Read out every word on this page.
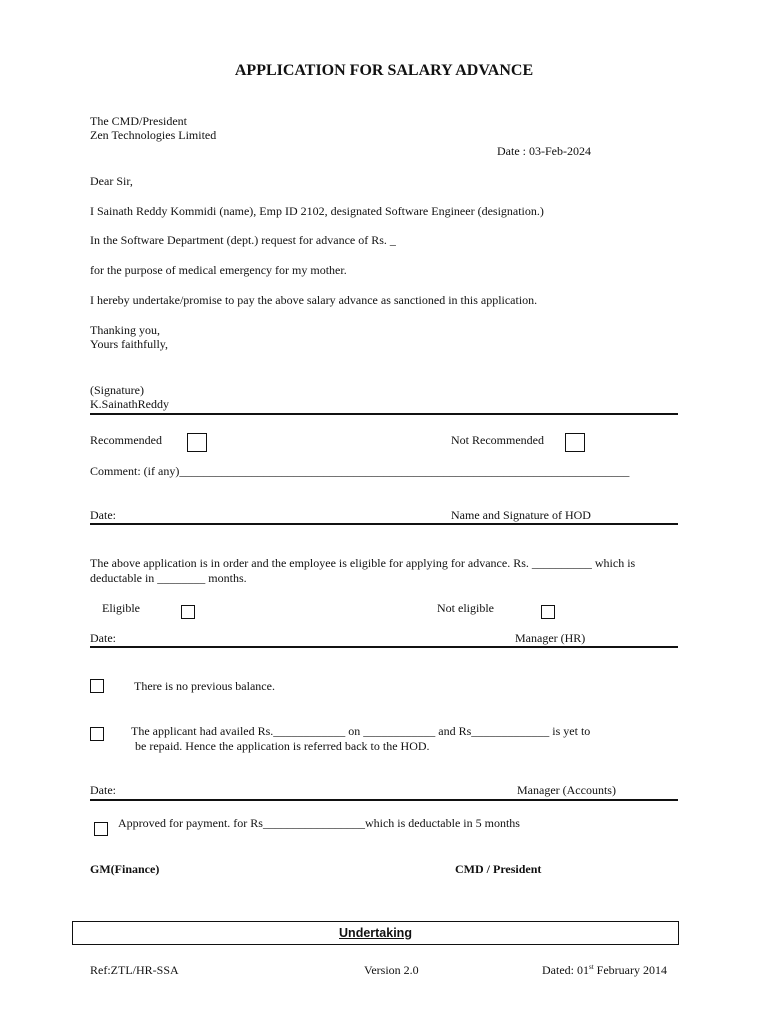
APPLICATION FOR SALARY ADVANCE
The CMD/President
Zen Technologies Limited
Date : 03-Feb-2024
Dear Sir,
I Sainath Reddy Kommidi (name), Emp ID 2102, designated Software Engineer (designation.)
In the Software Department (dept.) request for advance of Rs. _
for the purpose of medical emergency for my mother.
I hereby undertake/promise to pay the above salary advance as sanctioned in this application.
Thanking you,
Yours faithfully,
(Signature)
K.SainathReddy
Recommended	Not Recommended
Comment: (if any)___________________________________________________________________________
Date:	Name and Signature of HOD
The above application is in order and the employee is eligible for applying for advance. Rs. __________ which is
deductable in ________ months.
Eligible	Not eligible
Date:	Manager (HR)
There is no previous balance.
The applicant had availed Rs.____________ on ____________ and Rs_____________ is yet to
be repaid. Hence the application is referred back to the HOD.
Date:	Manager (Accounts)
Approved for payment. for Rs_________________which is deductable in 5 months
GM(Finance)	CMD / President
Undertaking
Ref:ZTL/HR-SSA	Version 2.0	Dated: 01st February 2014
